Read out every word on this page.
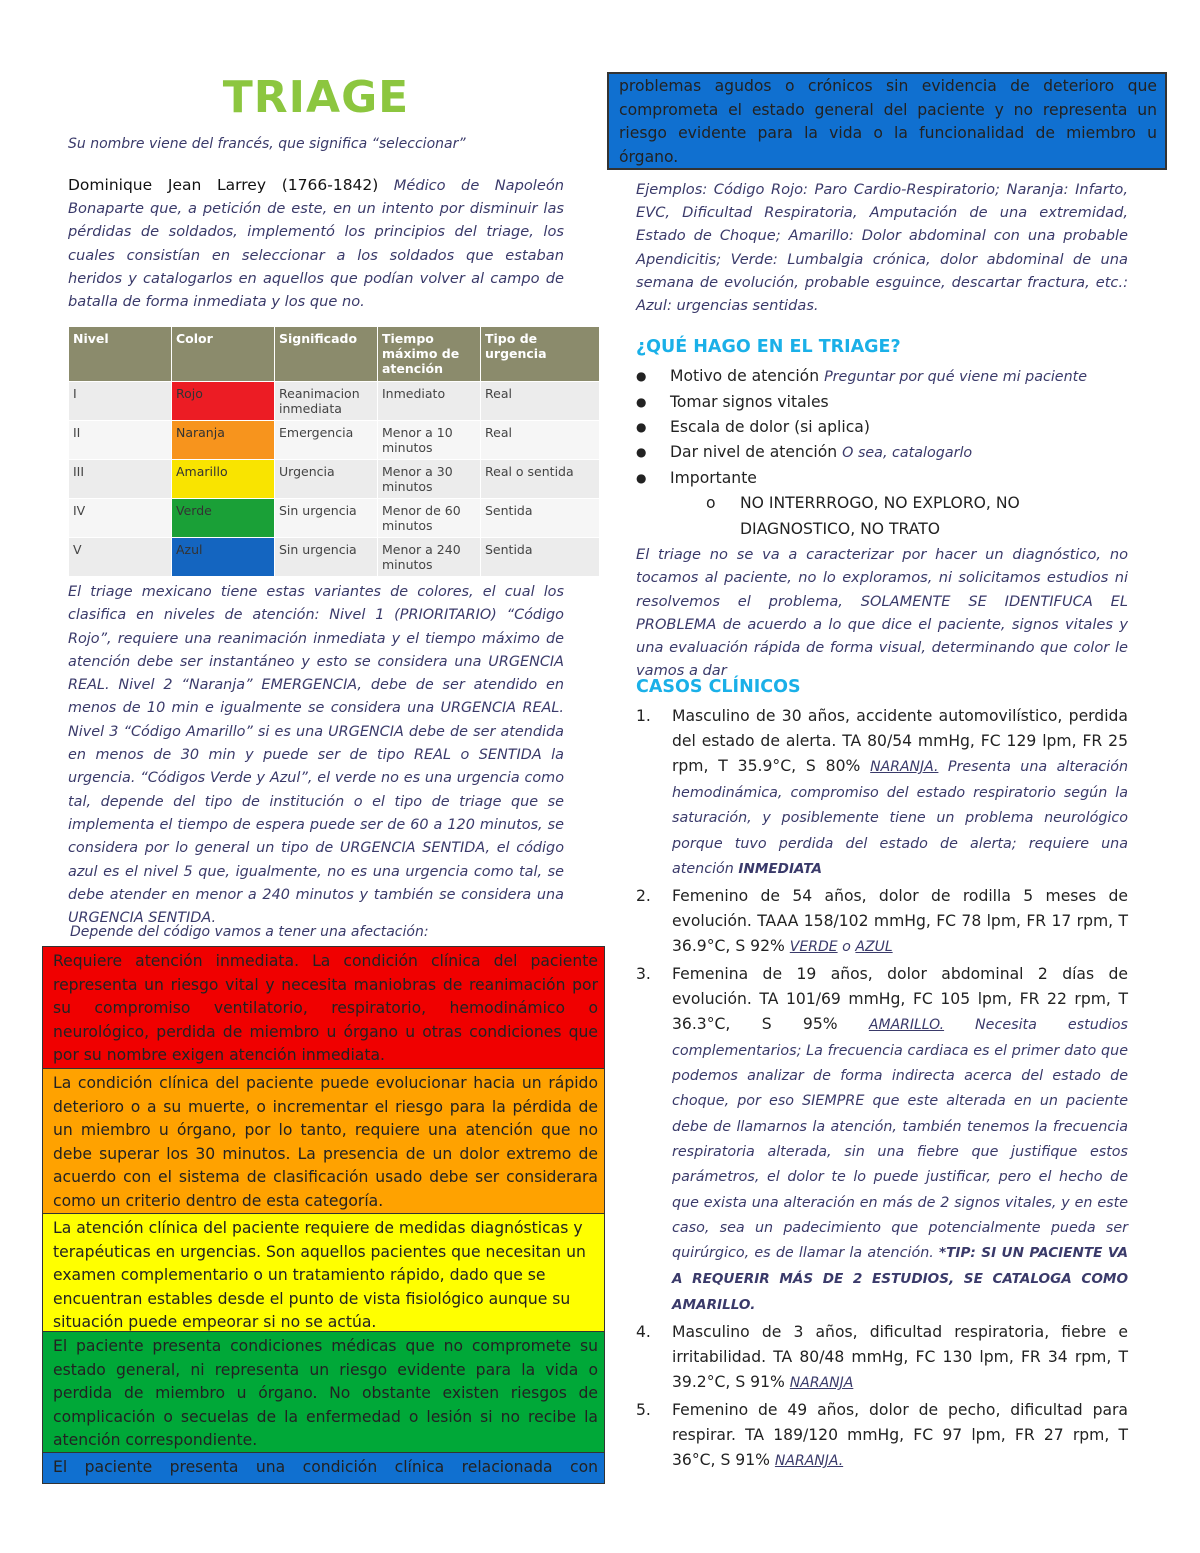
TRIAGE
Su nombre viene del francés, que significa “seleccionar”
Dominique Jean Larrey (1766-1842) Médico de Napoleón Bonaparte que, a petición de este, en un intento por disminuir las pérdidas de soldados, implementó los principios del triage, los cuales consistían en seleccionar a los soldados que estaban heridos y catalogarlos en aquellos que podían volver al campo de batalla de forma inmediata y los que no.
Nivel	Color	Significado	Tiempo máximo de atención	Tipo de urgencia
I	Rojo	Reanimacion inmediata	Inmediato	Real
II	Naranja	Emergencia	Menor a 10 minutos	Real
III	Amarillo	Urgencia	Menor a 30 minutos	Real o sentida
IV	Verde	Sin urgencia	Menor de 60 minutos	Sentida
V	Azul	Sin urgencia	Menor a 240 minutos	Sentida
El triage mexicano tiene estas variantes de colores, el cual los clasifica en niveles de atención: Nivel 1 (PRIORITARIO) “Código Rojo”, requiere una reanimación inmediata y el tiempo máximo de atención debe ser instantáneo y esto se considera una URGENCIA REAL. Nivel 2 “Naranja” EMERGENCIA, debe de ser atendido en menos de 10 min e igualmente se considera una URGENCIA REAL. Nivel 3 “Código Amarillo” si es una URGENCIA debe de ser atendida en menos de 30 min y puede ser de tipo REAL o SENTIDA la urgencia. “Códigos Verde y Azul”, el verde no es una urgencia como tal, depende del tipo de institución o el tipo de triage que se implementa el tiempo de espera puede ser de 60 a 120 minutos, se considera por lo general un tipo de URGENCIA SENTIDA, el código azul es el nivel 5 que, igualmente, no es una urgencia como tal, se debe atender en menor a 240 minutos y también se considera una URGENCIA SENTIDA.
Depende del código vamos a tener una afectación:
Requiere atención inmediata. La condición clínica del paciente representa un riesgo vital y necesita maniobras de reanimación por su compromiso ventilatorio, respiratorio, hemodinámico o neurológico, perdida de miembro u órgano u otras condiciones que por su nombre exigen atención inmediata.
La condición clínica del paciente puede evolucionar hacia un rápido deterioro o a su muerte, o incrementar el riesgo para la pérdida de un miembro u órgano, por lo tanto, requiere una atención que no debe superar los 30 minutos. La presencia de un dolor extremo de acuerdo con el sistema de clasificación usado debe ser considerara como un criterio dentro de esta categoría.
La atención clínica del paciente requiere de medidas diagnósticas y terapéuticas en urgencias. Son aquellos pacientes que necesitan un examen complementario o un tratamiento rápido, dado que se encuentran estables desde el punto de vista fisiológico aunque su situación puede empeorar si no se actúa.
El paciente presenta condiciones médicas que no compromete su estado general, ni representa un riesgo evidente para la vida o perdida de miembro u órgano. No obstante existen riesgos de complicación o secuelas de la enfermedad o lesión si no recibe la atención correspondiente.
El paciente presenta una condición clínica relacionada con
problemas agudos o crónicos sin evidencia de deterioro que comprometa el estado general del paciente y no representa un riesgo evidente para la vida o la funcionalidad de miembro u órgano.
Ejemplos: Código Rojo: Paro Cardio-Respiratorio; Naranja: Infarto, EVC, Dificultad Respiratoria, Amputación de una extremidad, Estado de Choque; Amarillo: Dolor abdominal con una probable Apendicitis; Verde: Lumbalgia crónica, dolor abdominal de una semana de evolución, probable esguince, descartar fractura, etc.: Azul: urgencias sentidas.
¿QUÉ HAGO EN EL TRIAGE?
● Motivo de atención Preguntar por qué viene mi paciente
● Tomar signos vitales
● Escala de dolor (si aplica)
● Dar nivel de atención O sea, catalogarlo
● Importante
o	NO INTERRROGO, NO EXPLORO, NO DIAGNOSTICO, NO TRATO
El triage no se va a caracterizar por hacer un diagnóstico, no tocamos al paciente, no lo exploramos, ni solicitamos estudios ni resolvemos el problema, SOLAMENTE SE IDENTIFUCA EL PROBLEMA de acuerdo a lo que dice el paciente, signos vitales y una evaluación rápida de forma visual, determinando que color le vamos a dar
CASOS CLÍNICOS
1. Masculino de 30 años, accidente automovilístico, perdida del estado de alerta. TA 80/54 mmHg, FC 129 lpm, FR 25 rpm, T 35.9°C, S 80% NARANJA. Presenta una alteración hemodinámica, compromiso del estado respiratorio según la saturación, y posiblemente tiene un problema neurológico porque tuvo perdida del estado de alerta; requiere una atención INMEDIATA
2. Femenino de 54 años, dolor de rodilla 5 meses de evolución. TAAA 158/102 mmHg, FC 78 lpm, FR 17 rpm, T 36.9°C, S 92% VERDE o AZUL
3. Femenina de 19 años, dolor abdominal 2 días de evolución. TA 101/69 mmHg, FC 105 lpm, FR 22 rpm, T 36.3°C, S 95% AMARILLO. Necesita estudios complementarios; La frecuencia cardiaca es el primer dato que podemos analizar de forma indirecta acerca del estado de choque, por eso SIEMPRE que este alterada en un paciente debe de llamarnos la atención, también tenemos la frecuencia respiratoria alterada, sin una fiebre que justifique estos parámetros, el dolor te lo puede justificar, pero el hecho de que exista una alteración en más de 2 signos vitales, y en este caso, sea un padecimiento que potencialmente pueda ser quirúrgico, es de llamar la atención. *TIP: SI UN PACIENTE VA A REQUERIR MÁS DE 2 ESTUDIOS, SE CATALOGA COMO AMARILLO.
4. Masculino de 3 años, dificultad respiratoria, fiebre e irritabilidad. TA 80/48 mmHg, FC 130 lpm, FR 34 rpm, T 39.2°C, S 91% NARANJA
5. Femenino de 49 años, dolor de pecho, dificultad para respirar. TA 189/120 mmHg, FC 97 lpm, FR 27 rpm, T 36°C, S 91% NARANJA.
